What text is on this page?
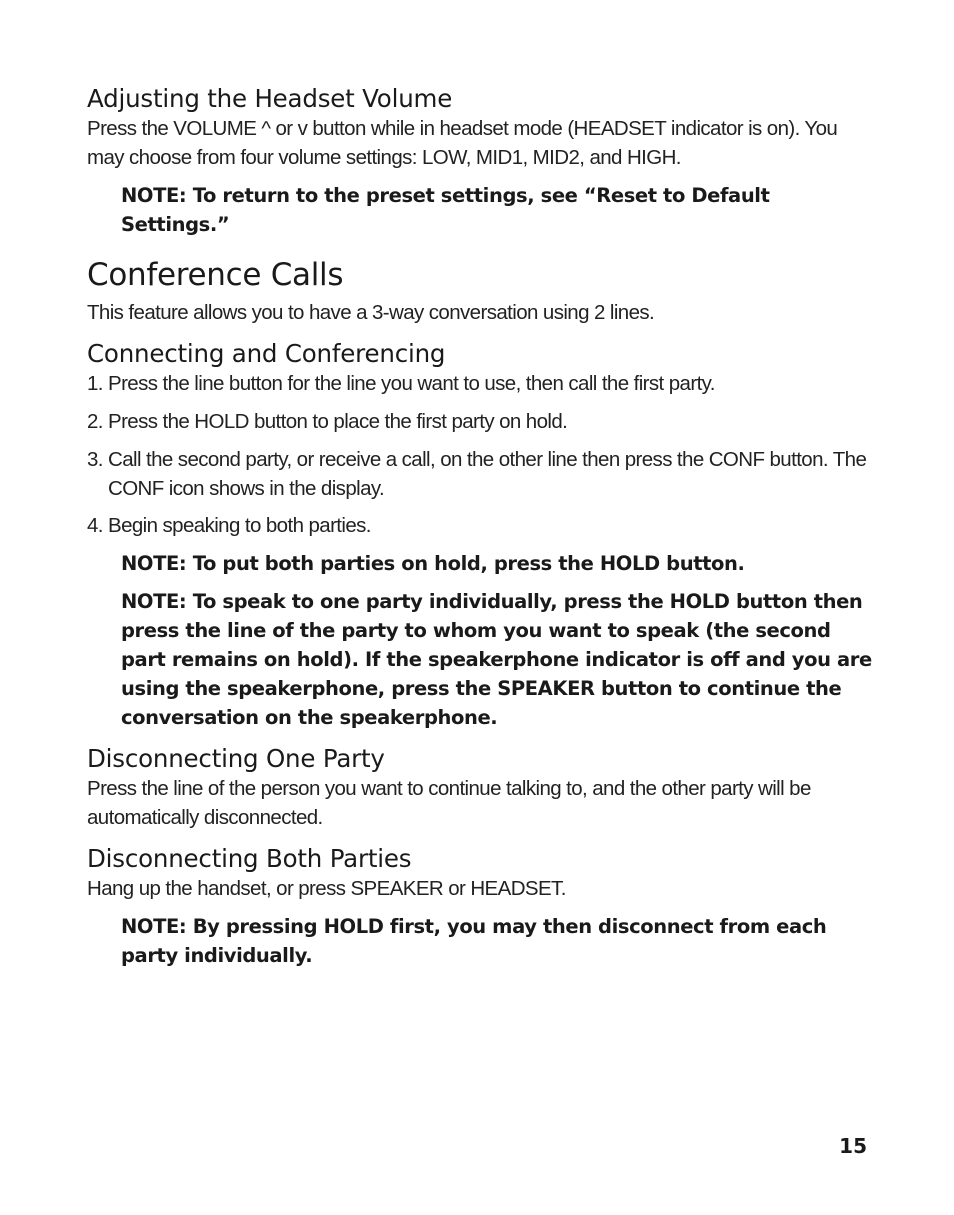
Adjusting the Headset Volume

Press the VOLUME ^ or v button while in headset mode (HEADSET indicator is on). You may choose from four volume settings: LOW, MID1, MID2, and HIGH.

NOTE: To return to the preset settings, see “Reset to Default Settings.”

Conference Calls

This feature allows you to have a 3-way conversation using 2 lines.

Connecting and Conferencing
1. Press the line button for the line you want to use, then call the first party.
2. Press the HOLD button to place the first party on hold.
3. Call the second party, or receive a call, on the other line then press the CONF button. The CONF icon shows in the display.
4. Begin speaking to both parties.

NOTE: To put both parties on hold, press the HOLD button.

NOTE: To speak to one party individually, press the HOLD button then press the line of the party to whom you want to speak (the second part remains on hold). If the speakerphone indicator is off and you are using the speakerphone, press the SPEAKER button to continue the conversation on the speakerphone.

Disconnecting One Party

Press the line of the person you want to continue talking to, and the other party will be automatically disconnected.

Disconnecting Both Parties

Hang up the handset, or press SPEAKER or HEADSET.

NOTE: By pressing HOLD first, you may then disconnect from each party individually.

15
